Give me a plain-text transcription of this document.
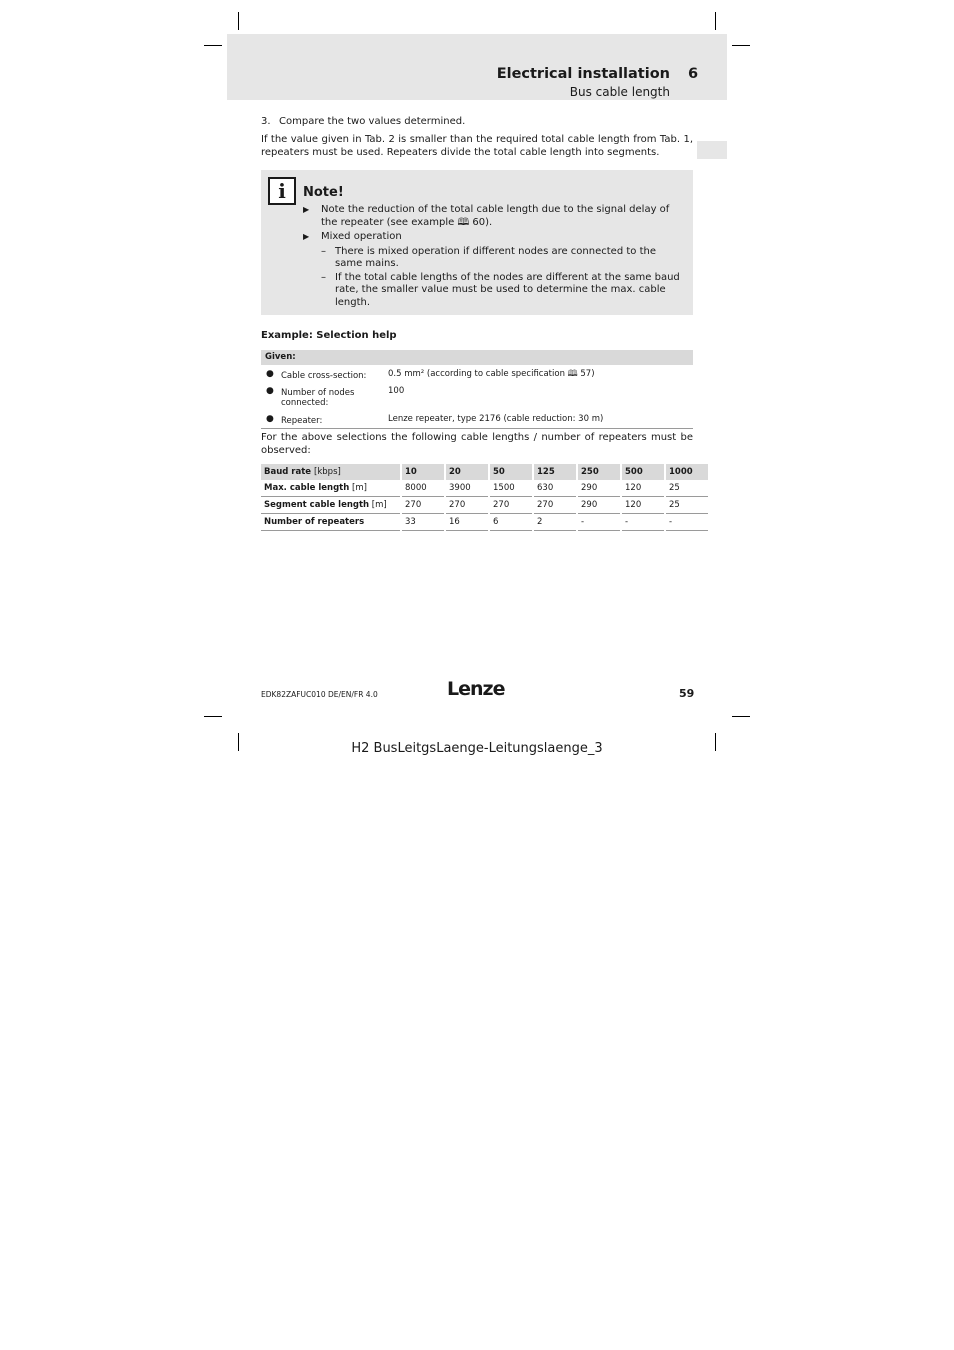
Electrical installation 6
Bus cable length
3. Compare the two values determined.
If the value given in Tab. 2 is smaller than the required total cable length from Tab. 1, repeaters must be used. Repeaters divide the total cable length into segments.
i	Note!
▶ Note the reduction of the total cable length due to the signal delay of the repeater (see example 🕮 60).
▶ Mixed operation
– There is mixed operation if different nodes are connected to the same mains.
– If the total cable lengths of the nodes are different at the same baud rate, the smaller value must be used to determine the max. cable length.
Example: Selection help
Given:
● Cable cross-section:	0.5 mm² (according to cable specification 🕮 57)
● Number of nodes connected:
100
● Repeater:	Lenze repeater, type 2176 (cable reduction: 30 m)
For the above selections the following cable lengths / number of repeaters must be observed:
Baud rate [kbps]	10	20	50	125	250	500	1000
Max. cable length [m]	8000	3900	1500	630	290	120	25
Segment cable length [m]	270	270	270	270	290	120	25
Number of repeaters	33	16	6	2	-	-	-
EDK82ZAFUC010 DE/EN/FR 4.0	Lenze	59
H2 BusLeitgsLaenge-Leitungslaenge_3
